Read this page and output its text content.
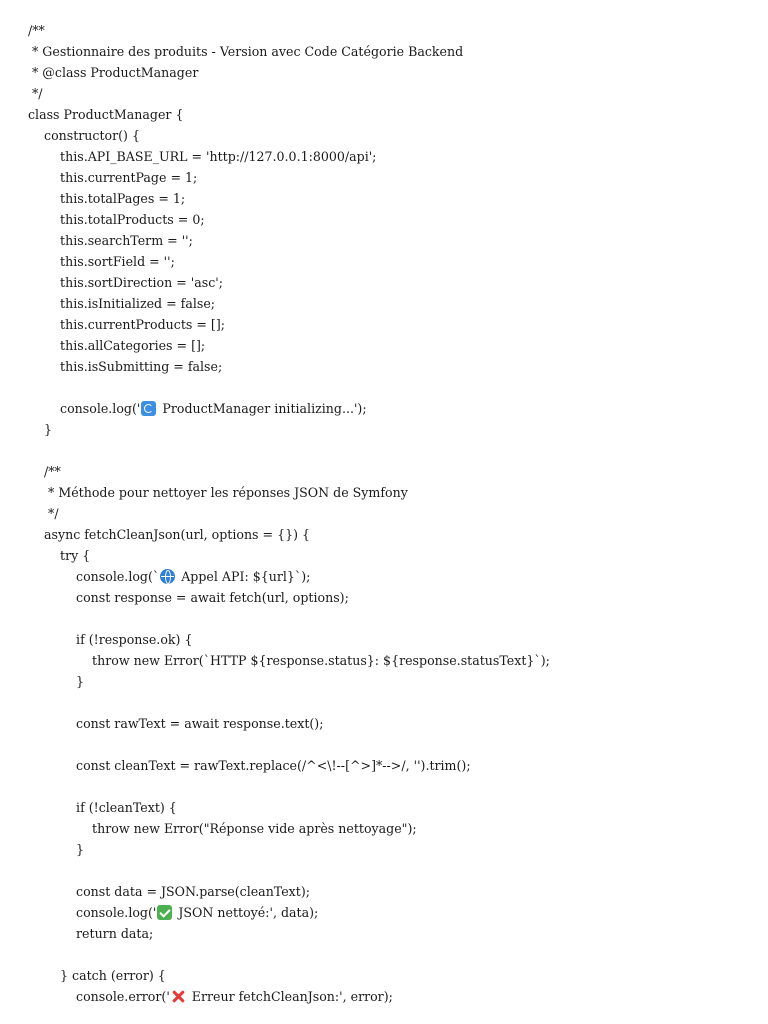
/**
* Gestionnaire des produits - Version avec Code Catégorie Backend
* @class ProductManager
*/
class ProductManager {
constructor() {
this.API_BASE_URL = 'http://127.0.0.1:8000/api';
this.currentPage = 1;
this.totalPages = 1;
this.totalProducts = 0;
this.searchTerm = '';
this.sortField = '';
this.sortDirection = 'asc';
this.isInitialized = false;
this.currentProducts = [];
this.allCategories = [];
this.isSubmitting = false;
console.log(' ProductManager initializing...');
}
/**
* Méthode pour nettoyer les réponses JSON de Symfony
*/
async fetchCleanJson(url, options = {}) {
try {
console.log(` Appel API: ${url}`);
const response = await fetch(url, options);
if (!response.ok) {
throw new Error(`HTTP ${response.status}: ${response.statusText}`);
}
const rawText = await response.text();
const cleanText = rawText.replace(/^<\!--[^>]*-->/, '').trim();
if (!cleanText) {
throw new Error("Réponse vide après nettoyage");
}
const data = JSON.parse(cleanText);
console.log(' JSON nettoyé:', data);
return data;
} catch (error) {
console.error(' Erreur fetchCleanJson:', error);
